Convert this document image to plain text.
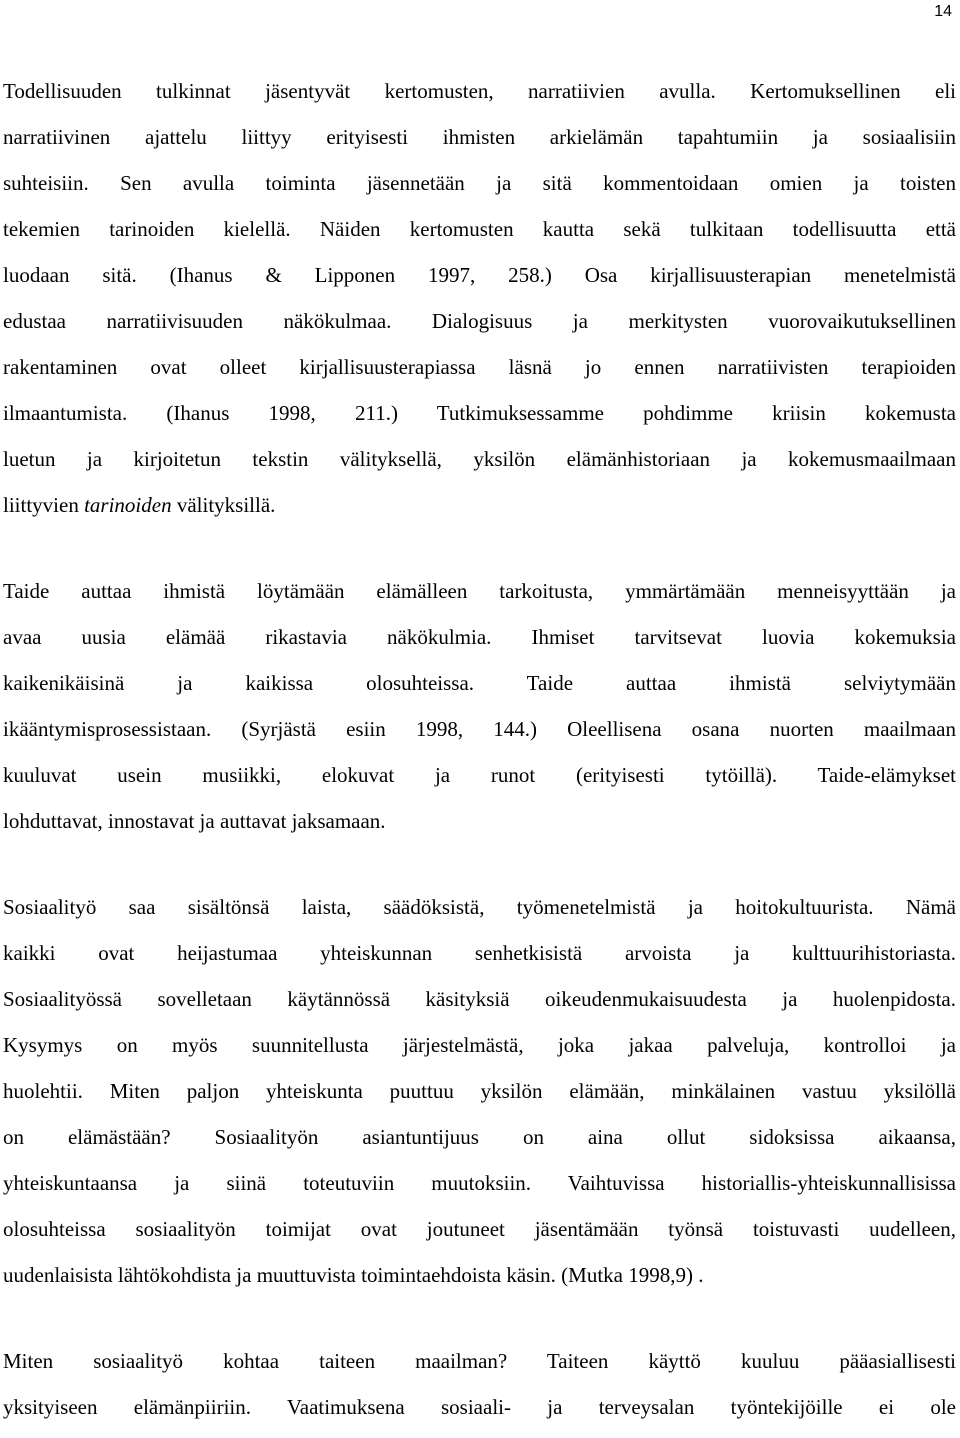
14
Todellisuuden tulkinnat jäsentyvät kertomusten, narratiivien avulla. Kertomuksellinen eli
narratiivinen ajattelu liittyy erityisesti ihmisten arkielämän tapahtumiin ja sosiaalisiin
suhteisiin. Sen avulla toiminta jäsennetään ja sitä kommentoidaan omien ja toisten
tekemien tarinoiden kielellä. Näiden kertomusten kautta sekä tulkitaan todellisuutta että
luodaan sitä. (Ihanus & Lipponen 1997, 258.) Osa kirjallisuusterapian menetelmistä
edustaa narratiivisuuden näkökulmaa. Dialogisuus ja merkitysten vuorovaikutuksellinen
rakentaminen ovat olleet kirjallisuusterapiassa läsnä jo ennen narratiivisten terapioiden
ilmaantumista. (Ihanus 1998, 211.) Tutkimuksessamme pohdimme kriisin kokemusta
luetun ja kirjoitetun tekstin välityksellä, yksilön elämänhistoriaan ja kokemusmaailmaan
liittyvien tarinoiden välityksillä.
Taide auttaa ihmistä löytämään elämälleen tarkoitusta, ymmärtämään menneisyyttään ja
avaa uusia elämää rikastavia näkökulmia. Ihmiset tarvitsevat luovia kokemuksia
kaikenikäisinä ja kaikissa olosuhteissa. Taide auttaa ihmistä selviytymään
ikääntymisprosessistaan. (Syrjästä esiin 1998, 144.) Oleellisena osana nuorten maailmaan
kuuluvat usein musiikki, elokuvat ja runot (erityisesti tytöillä). Taide-elämykset
lohduttavat, innostavat ja auttavat jaksamaan.
Sosiaalityö saa sisältönsä laista, säädöksistä, työmenetelmistä ja hoitokultuurista. Nämä
kaikki ovat heijastumaa yhteiskunnan senhetkisistä arvoista ja kulttuurihistoriasta.
Sosiaalityössä sovelletaan käytännössä käsityksiä oikeudenmukaisuudesta ja huolenpidosta.
Kysymys on myös suunnitellusta järjestelmästä, joka jakaa palveluja, kontrolloi ja
huolehtii. Miten paljon yhteiskunta puuttuu yksilön elämään, minkälainen vastuu yksilöllä
on elämästään? Sosiaalityön asiantuntijuus on aina ollut sidoksissa aikaansa,
yhteiskuntaansa ja siinä toteutuviin muutoksiin. Vaihtuvissa historiallis-yhteiskunnallisissa
olosuhteissa sosiaalityön toimijat ovat joutuneet jäsentämään työnsä toistuvasti uudelleen,
uudenlaisista lähtökohdista ja muuttuvista toimintaehdoista käsin. (Mutka 1998,9) .
Miten sosiaalityö kohtaa taiteen maailman? Taiteen käyttö kuuluu pääasiallisesti
yksityiseen elämänpiiriin. Vaatimuksena sosiaali- ja terveysalan työntekijöille ei ole
